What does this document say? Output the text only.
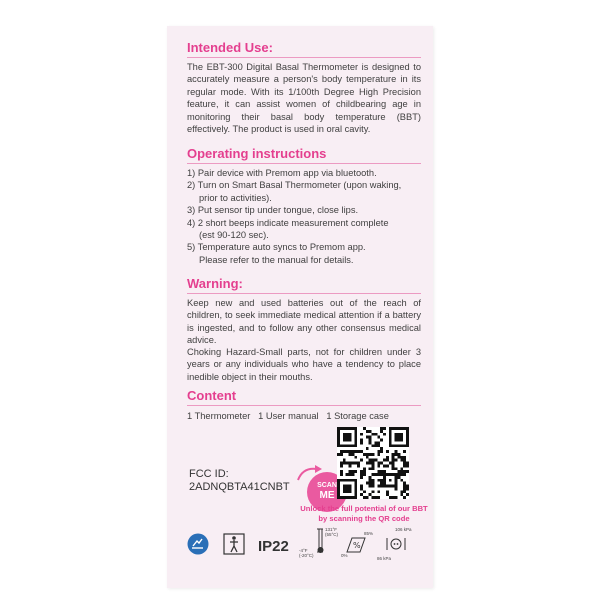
Intended Use:
The EBT-300 Digital Basal Thermometer is designed to accurately measure a person's body temperature in its regular mode. With its 1/100th Degree High Precision feature, it can assist women of childbearing age in monitoring their basal body temperature (BBT) effectively. The product is used in oral cavity.
Operating instructions
1) Pair device with Premom app via bluetooth.
2) Turn on Smart Basal Thermometer (upon waking,
prior to activities).
3) Put sensor tip under tongue, close lips.
4) 2 short beeps indicate measurement complete
(est 90-120 sec).
5) Temperature auto syncs to Premom app.
Please refer to the manual for details.
Warning:
Keep new and used batteries out of the reach of children, to seek immediate medical attention if a battery is ingested, and to follow any other consensus medical advice.
Choking Hazard-Small parts, not for children under 3 years or any individuals who have a tendency to place inedible object in their mouths.
Content
1 Thermometer   1 User manual   1 Storage case
FCC ID:
2ADNQBTA41CNBT	SCAN
ME
Unlock the full potential of our BBT by scanning the QR code
IP22
131°F
(55°C)
-4°F
(-20°C)
%
85%
0%
106 kPa
86 kPa
